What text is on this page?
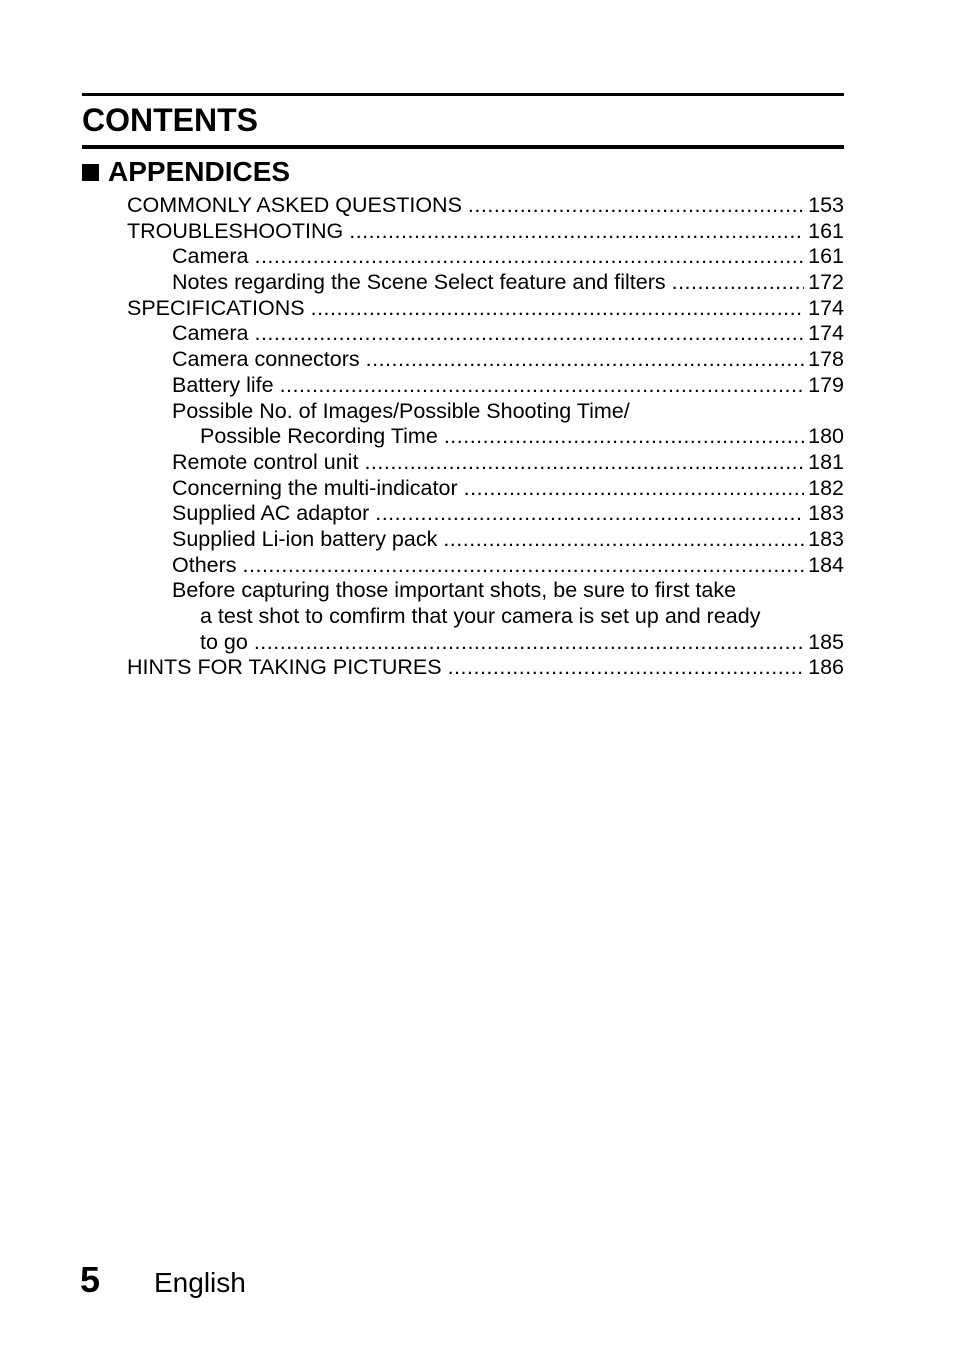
CONTENTS
APPENDICES
COMMONLY ASKED QUESTIONS .....	153
TROUBLESHOOTING .....	161
Camera .....	161
Notes regarding the Scene Select feature and filters .....	172
SPECIFICATIONS .....	174
Camera .....	174
Camera connectors .....	178
Battery life .....	179
Possible No. of Images/Possible Shooting Time/
Possible Recording Time .....	180
Remote control unit .....	181
Concerning the multi-indicator .....	182
Supplied AC adaptor .....	183
Supplied Li-ion battery pack .....	183
Others .....	184
Before capturing those important shots, be sure to first take
a test shot to comfirm that your camera is set up and ready
to go .....	185
HINTS FOR TAKING PICTURES .....	186
5 English
